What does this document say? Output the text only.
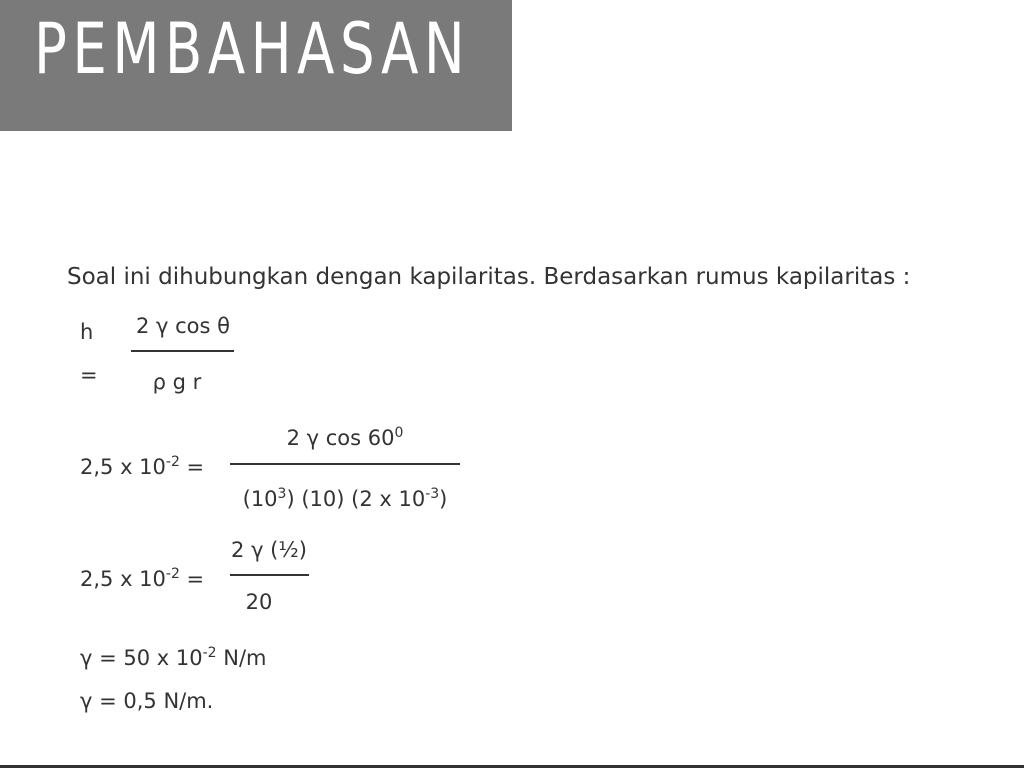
PEMBAHASAN
Soal ini dihubungkan dengan kapilaritas. Berdasarkan rumus kapilaritas :
h
=
2 γ cos θ
ρ g r
2,5 x $10^{-2}$ =
2 γ $\cos 60^0$
$(10^3)$ (10) (2 x $10^{-3}$)
2,5 x $10^{-2}$ =
2 γ (½)
20
γ = 50 x $10^{-2}$ N/m
γ = 0,5 N/m.
